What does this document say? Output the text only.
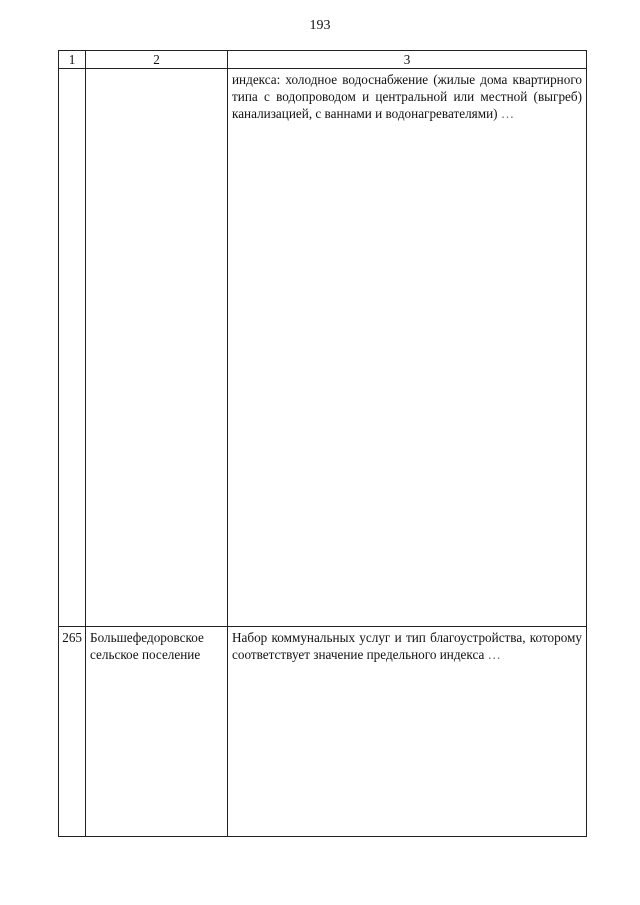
193
1	2	3

		индекса: холодное водоснабжение (жилые дома квартирного типа с водопроводом и центральной или местной (выгреб) канализацией, с ваннами и водонагревателями) …

265	Большефедоровское сельское поселение	Набор коммунальных услуг и тип благоустройства, которому соответствует значение предельного индекса …
